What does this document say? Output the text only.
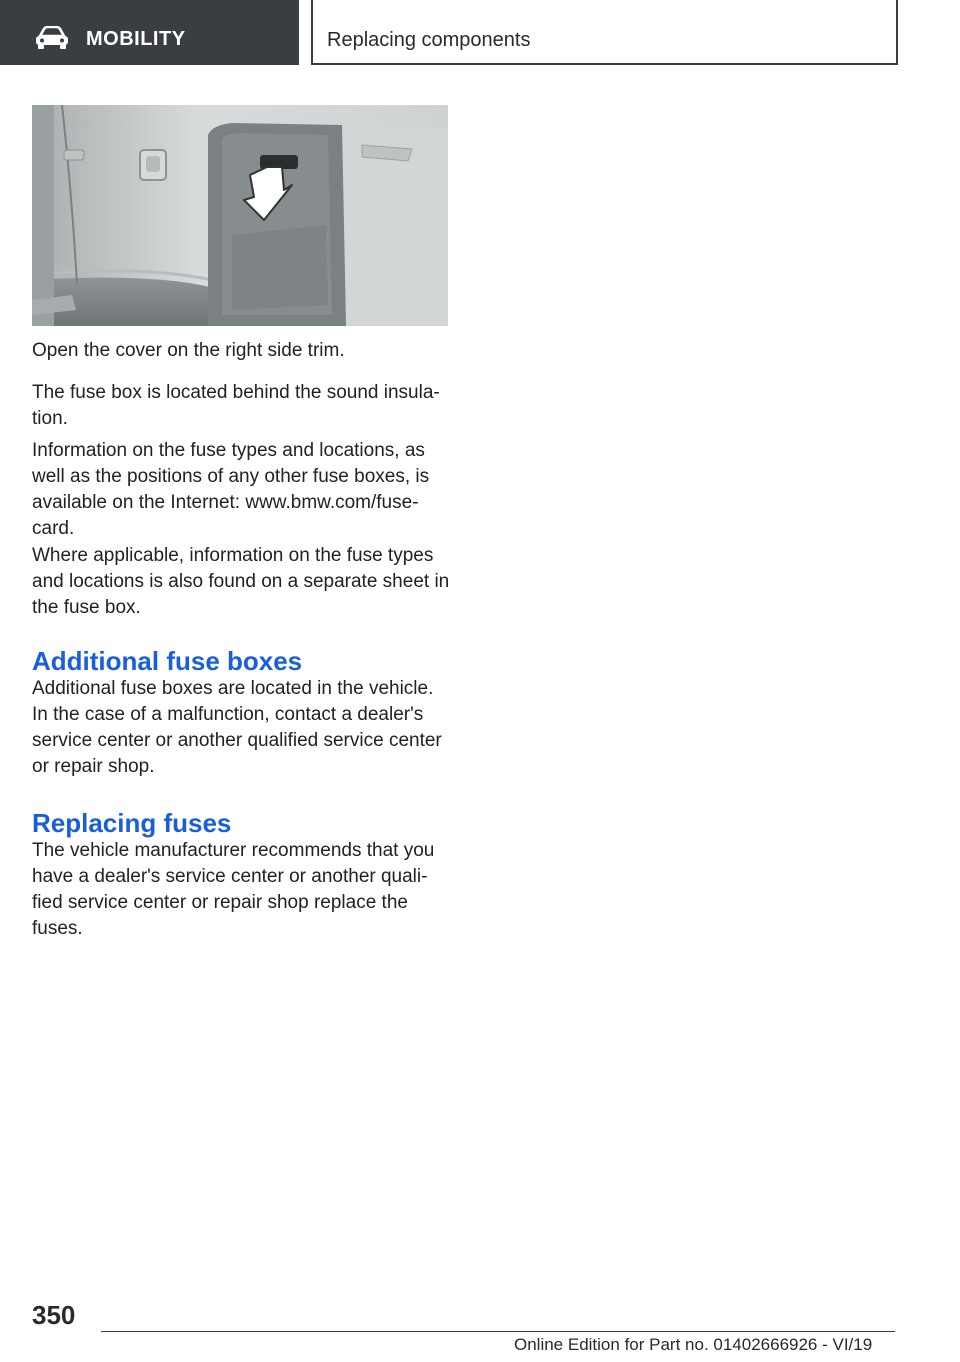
MOBILITY	Replacing components

Open the cover on the right side trim.

The fuse box is located behind the sound insula‐

tion.

Information on the fuse types and locations, as

well as the positions of any other fuse boxes, is

available on the Internet: www.bmw.com/fuse‐

card.

Where applicable, information on the fuse types

and locations is also found on a separate sheet in

the fuse box.

Additional fuse boxes

Additional fuse boxes are located in the vehicle.

In the case of a malfunction, contact a dealer's

service center or another qualified service center

or repair shop.

Replacing fuses

The vehicle manufacturer recommends that you

have a dealer's service center or another quali‐

fied service center or repair shop replace the

fuses.

350
Online Edition for Part no. 01402666926 - VI/19
